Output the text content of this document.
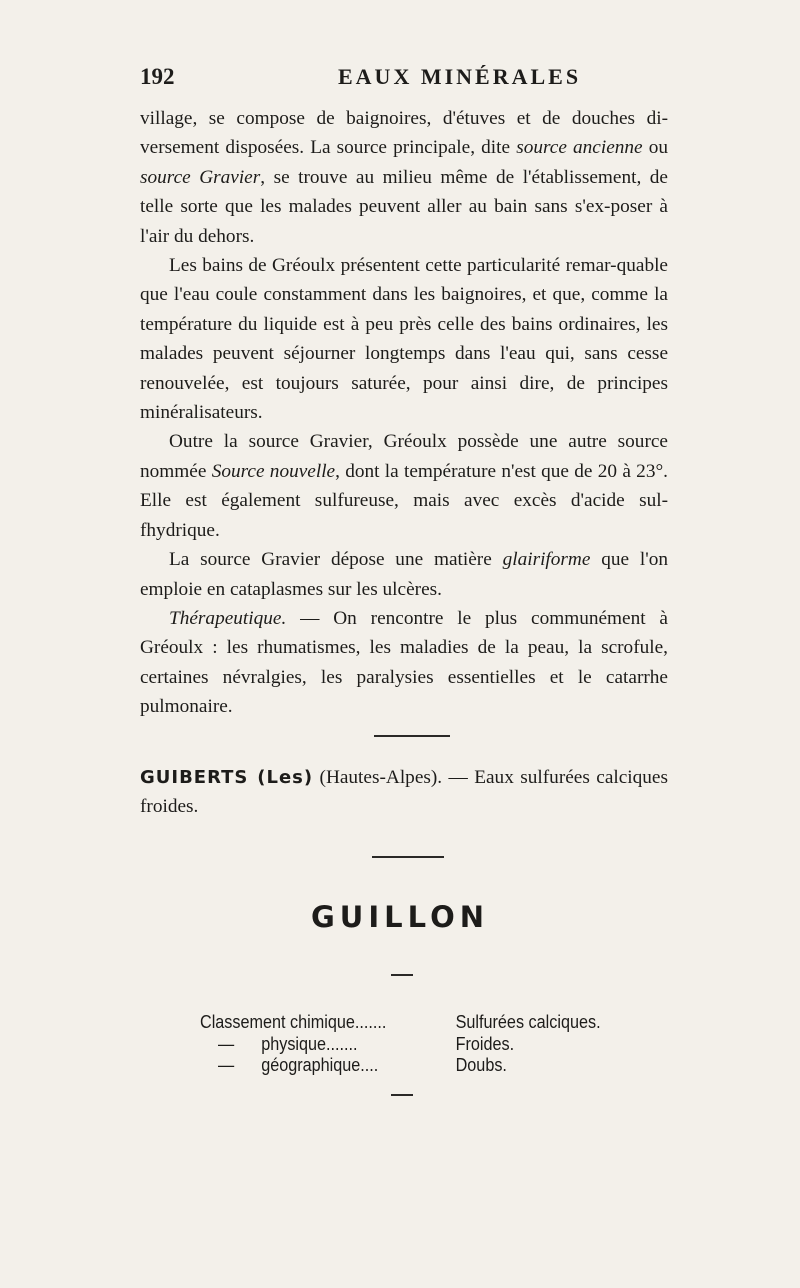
192	EAUX MINÉRALES

village, se compose de baignoires, d'étuves et de douches di-versement disposées. La source principale, dite source ancienne ou source Gravier, se trouve au milieu même de l'établissement, de telle sorte que les malades peuvent aller au bain sans s'ex-poser à l'air du dehors.

Les bains de Gréoulx présentent cette particularité remar-quable que l'eau coule constamment dans les baignoires, et que, comme la température du liquide est à peu près celle des bains ordinaires, les malades peuvent séjourner longtemps dans l'eau qui, sans cesse renouvelée, est toujours saturée, pour ainsi dire, de principes minéralisateurs.

Outre la source Gravier, Gréoulx possède une autre source nommée Source nouvelle, dont la température n'est que de 20 à 23°. Elle est également sulfureuse, mais avec excès d'acide sul-fhydrique.

La source Gravier dépose une matière glairiforme que l'on emploie en cataplasmes sur les ulcères.

Thérapeutique. — On rencontre le plus communément à Gréoulx : les rhumatismes, les maladies de la peau, la scrofule, certaines névralgies, les paralysies essentielles et le catarrhe pulmonaire.

GUIBERTS (Les) (Hautes-Alpes). — Eaux sulfurées calciques froides.
GUILLON
Classement chimique.......	Sulfurées calciques.
—      physique.......	Froides.
—      géographique....	Doubs.
